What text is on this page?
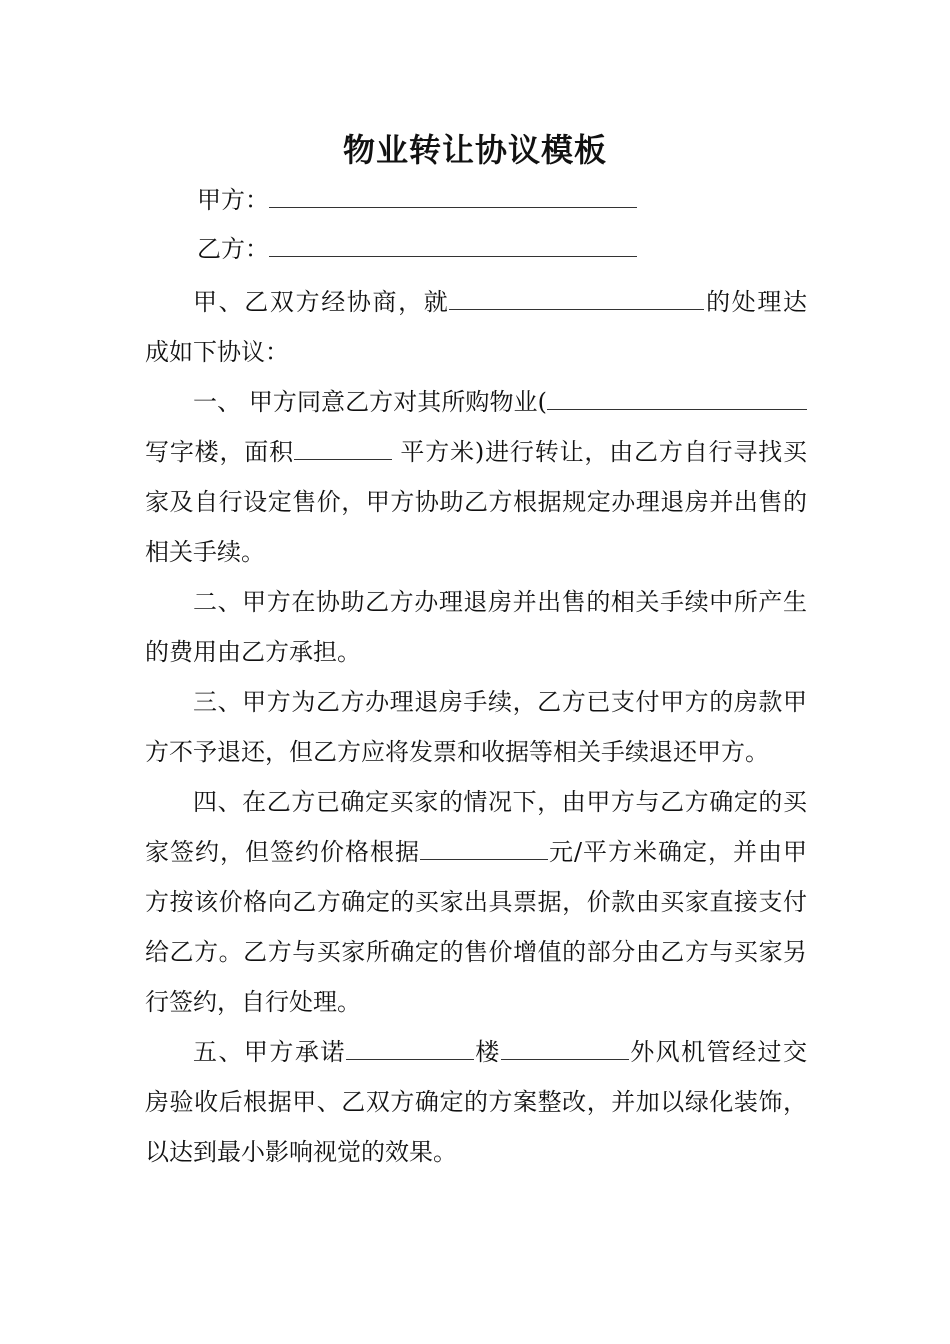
物业转让协议模板
甲方：
乙方：

甲、乙双方经协商，就	的处理达成如下协议：

一、 甲方同意乙方对其所购物业(写字楼，面积	平方米)进行转让，由乙方自行寻找买家及自行设定售价，甲方协助乙方根据规定办理退房并出售的相关手续。

二、甲方在协助乙方办理退房并出售的相关手续中所产生的费用由乙方承担。

三、甲方为乙方办理退房手续，乙方已支付甲方的房款甲方不予退还，但乙方应将发票和收据等相关手续退还甲方。

四、在乙方已确定买家的情况下，由甲方与乙方确定的买家签约，但签约价格根据	元/平方米确定，并由甲方按该价格向乙方确定的买家出具票据，价款由买家直接支付给乙方。乙方与买家所确定的售价增值的部分由乙方与买家另行签约，自行处理。

五、甲方承诺	楼	外风机管经过交房验收后根据甲、乙双方确定的方案整改，并加以绿化装饰，以达到最小影响视觉的效果。
